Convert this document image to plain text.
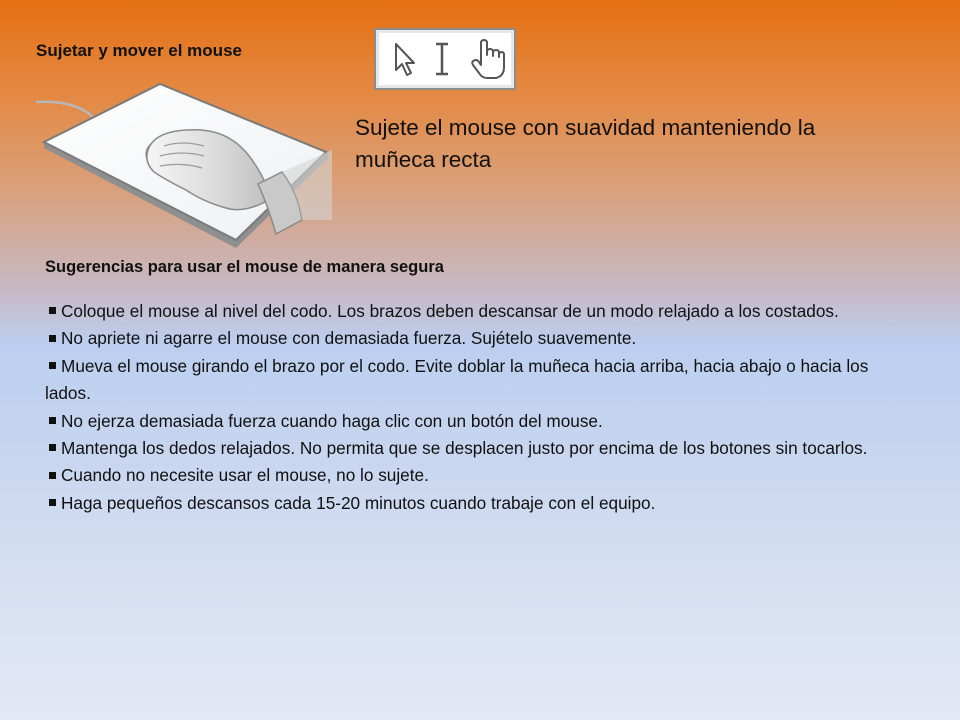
Sujetar y mover el mouse
Sujete el mouse con suavidad manteniendo la muñeca recta
Sugerencias para usar el mouse de manera segura
Coloque el mouse al nivel del codo. Los brazos deben descansar de un modo relajado a los costados.
No apriete ni agarre el mouse con demasiada fuerza. Sujételo suavemente.
Mueva el mouse girando el brazo por el codo. Evite doblar la muñeca hacia arriba, hacia abajo o hacia los lados.
No ejerza demasiada fuerza cuando haga clic con un botón del mouse.
Mantenga los dedos relajados. No permita que se desplacen justo por encima de los botones sin tocarlos.
Cuando no necesite usar el mouse, no lo sujete.
Haga pequeños descansos cada 15-20 minutos cuando trabaje con el equipo.
